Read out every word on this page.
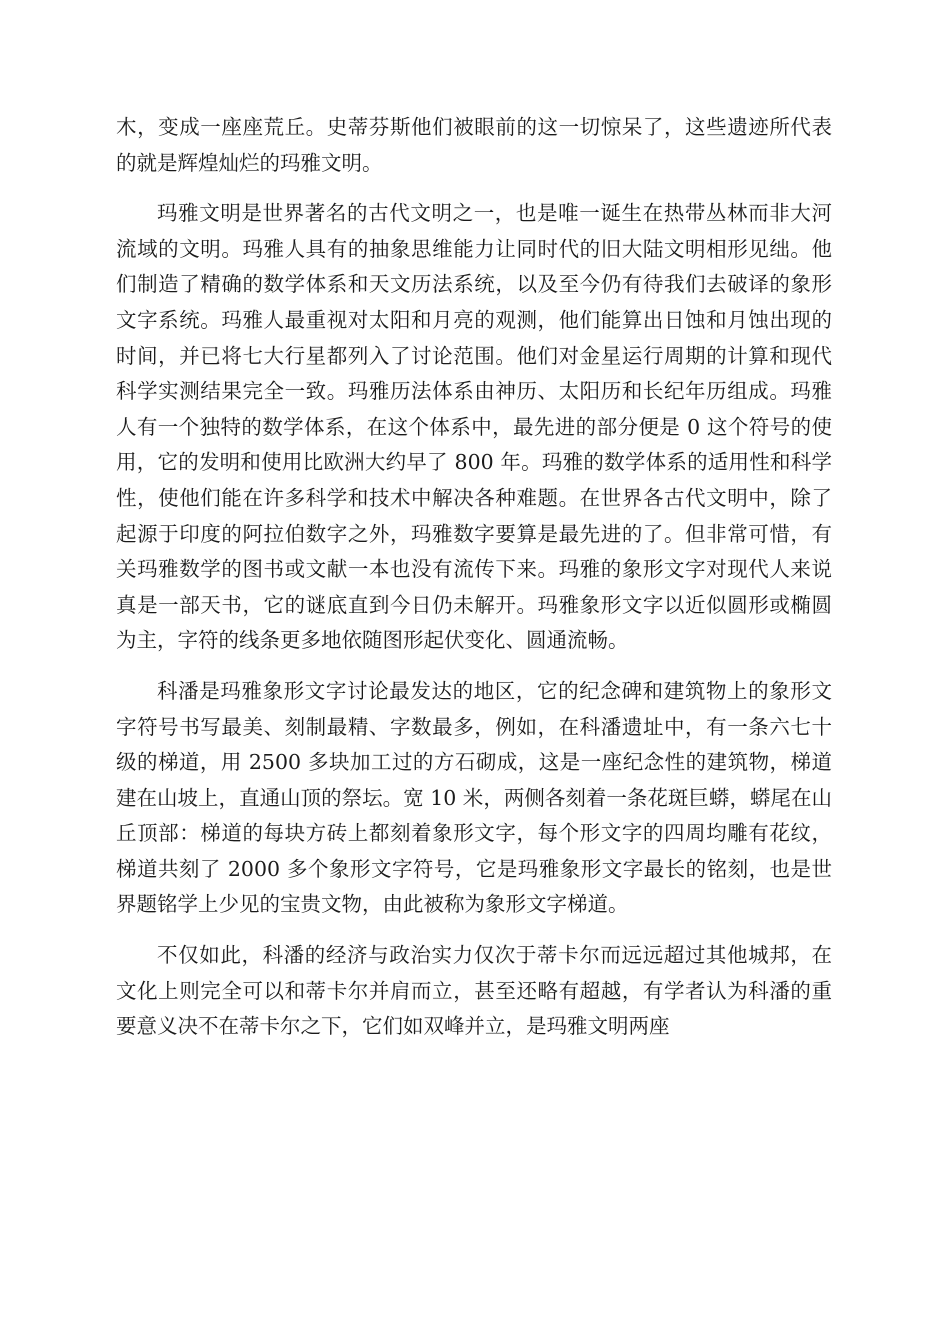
木，变成一座座荒丘。史蒂芬斯他们被眼前的这一切惊呆了，这些遗迹所代表的就是辉煌灿烂的玛雅文明。

玛雅文明是世界著名的古代文明之一，也是唯一诞生在热带丛林而非大河流域的文明。玛雅人具有的抽象思维能力让同时代的旧大陆文明相形见绌。他们制造了精确的数学体系和天文历法系统，以及至今仍有待我们去破译的象形文字系统。玛雅人最重视对太阳和月亮的观测，他们能算出日蚀和月蚀出现的时间，并已将七大行星都列入了讨论范围。他们对金星运行周期的计算和现代科学实测结果完全一致。玛雅历法体系由神历、太阳历和长纪年历组成。玛雅人有一个独特的数学体系，在这个体系中，最先进的部分便是 0 这个符号的使用，它的发明和使用比欧洲大约早了 800 年。玛雅的数学体系的适用性和科学性，使他们能在许多科学和技术中解决各种难题。在世界各古代文明中，除了起源于印度的阿拉伯数字之外，玛雅数字要算是最先进的了。但非常可惜，有关玛雅数学的图书或文献一本也没有流传下来。玛雅的象形文字对现代人来说真是一部天书，它的谜底直到今日仍未解开。玛雅象形文字以近似圆形或椭圆为主，字符的线条更多地依随图形起伏变化、圆通流畅。

科潘是玛雅象形文字讨论最发达的地区，它的纪念碑和建筑物上的象形文字符号书写最美、刻制最精、字数最多，例如，在科潘遗址中，有一条六七十级的梯道，用 2500 多块加工过的方石砌成，这是一座纪念性的建筑物，梯道建在山坡上，直通山顶的祭坛。宽 10 米，两侧各刻着一条花斑巨蟒，蟒尾在山丘顶部：梯道的每块方砖上都刻着象形文字，每个形文字的四周均雕有花纹，梯道共刻了 2000 多个象形文字符号，它是玛雅象形文字最长的铭刻，也是世界题铭学上少见的宝贵文物，由此被称为象形文字梯道。

不仅如此，科潘的经济与政治实力仅次于蒂卡尔而远远超过其他城邦，在文化上则完全可以和蒂卡尔并肩而立，甚至还略有超越，有学者认为科潘的重要意义决不在蒂卡尔之下，它们如双峰并立，是玛雅文明两座
